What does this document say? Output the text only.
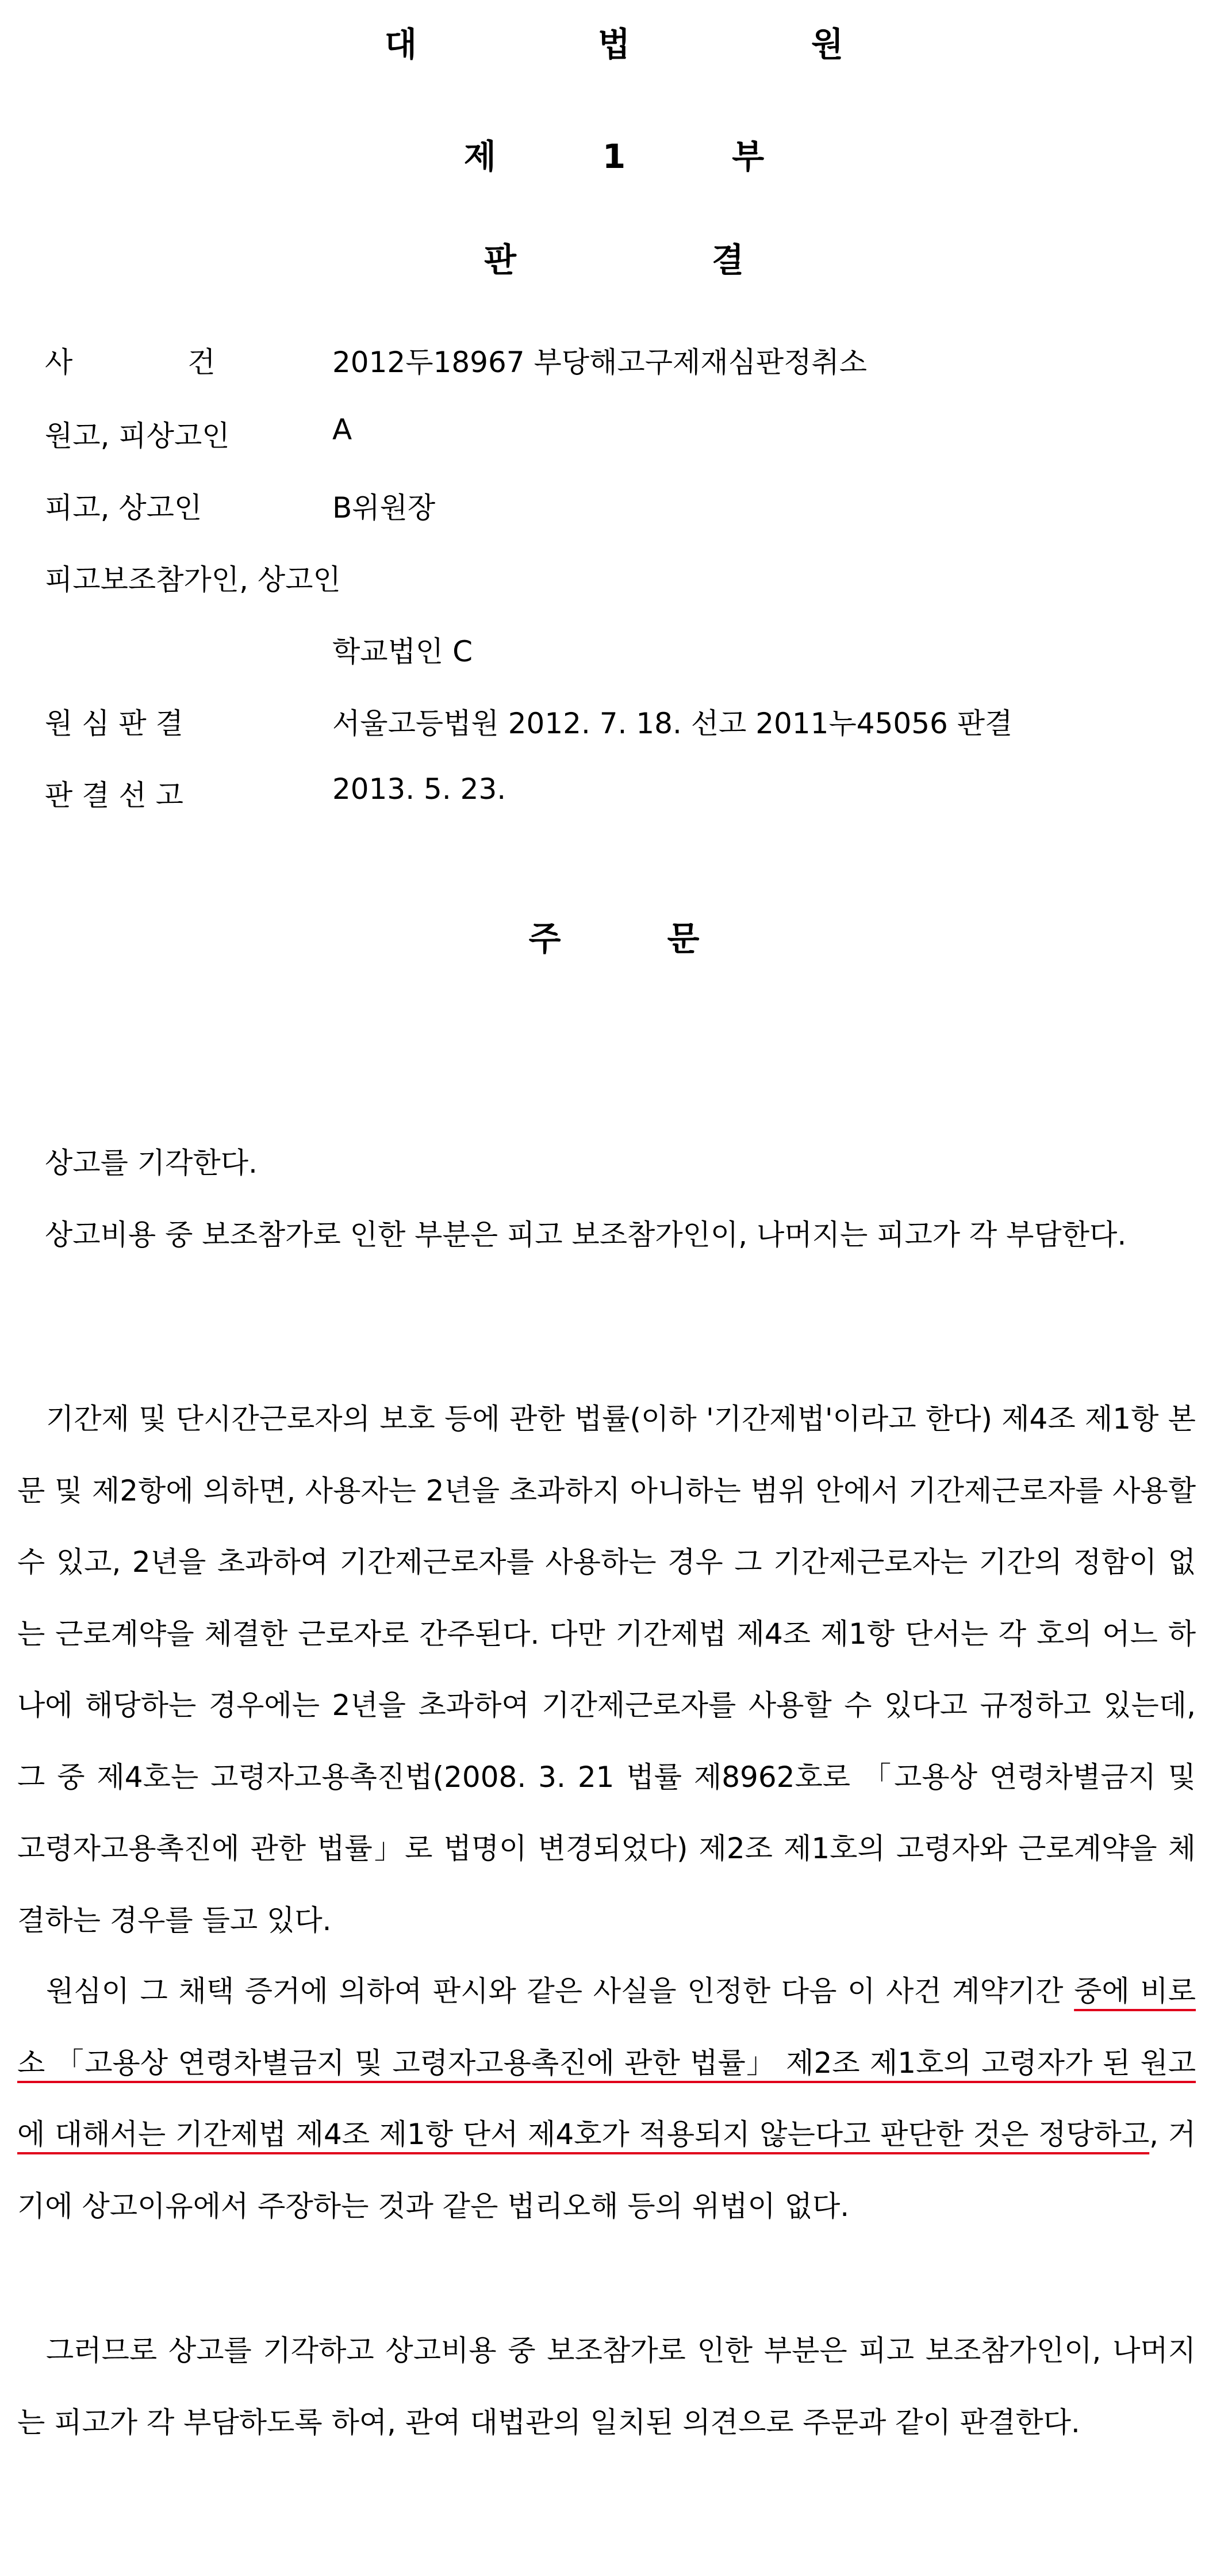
대	법	원
제	1	부
판	결
사　　　　건	2012두18967 부당해고구제재심판정취소
원고, 피상고인	A
피고, 상고인	B위원장
피고보조참가인, 상고인
학교법인 C
원 심 판 결	서울고등법원 2012. 7. 18. 선고 2011누45056 판결
판 결 선 고	2013. 5. 23.
주	문

상고를 기각한다.

상고비용 중 보조참가로 인한 부분은 피고 보조참가인이, 나머지는 피고가 각 부담한다.

기간제 및 단시간근로자의 보호 등에 관한 법률(이하 '기간제법'이라고 한다) 제4조 제1항 본문 및 제2항에 의하면, 사용자는 2년을 초과하지 아니하는 범위 안에서 기간제근로자를 사용할 수 있고, 2년을 초과하여 기간제근로자를 사용하는 경우 그 기간제근로자는 기간의 정함이 없는 근로계약을 체결한 근로자로 간주된다. 다만 기간제법 제4조 제1항 단서는 각 호의 어느 하나에 해당하는 경우에는 2년을 초과하여 기간제근로자를 사용할 수 있다고 규정하고 있는데, 그 중 제4호는 고령자고용촉진법(2008. 3. 21 법률 제8962호로 「고용상 연령차별금지 및 고령자고용촉진에 관한 법률」로 법명이 변경되었다) 제2조 제1호의 고령자와 근로계약을 체결하는 경우를 들고 있다.

원심이 그 채택 증거에 의하여 판시와 같은 사실을 인정한 다음 이 사건 계약기간 중에 비로소 「고용상 연령차별금지 및 고령자고용촉진에 관한 법률」 제2조 제1호의 고령자가 된 원고에 대해서는 기간제법 제4조 제1항 단서 제4호가 적용되지 않는다고 판단한 것은 정당하고, 거기에 상고이유에서 주장하는 것과 같은 법리오해 등의 위법이 없다.

그러므로 상고를 기각하고 상고비용 중 보조참가로 인한 부분은 피고 보조참가인이, 나머지는 피고가 각 부담하도록 하여, 관여 대법관의 일치된 의견으로 주문과 같이 판결한다.
